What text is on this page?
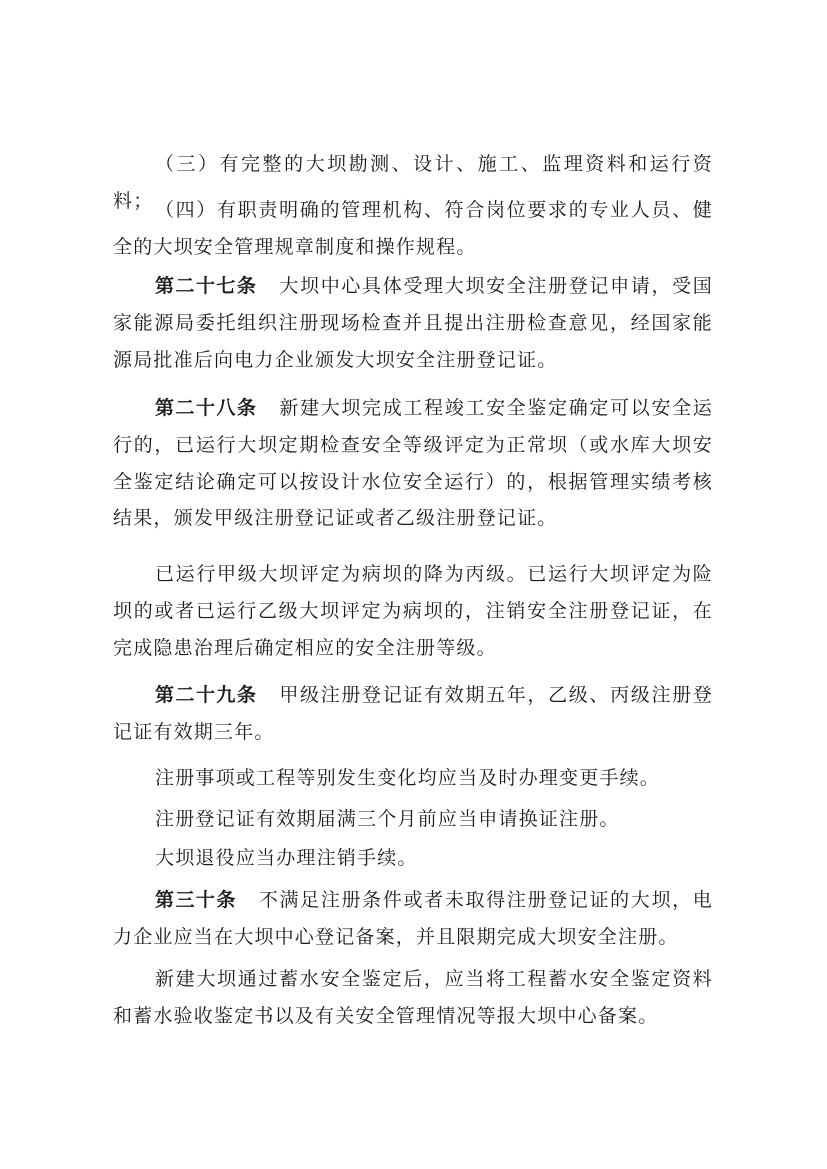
（三）有完整的大坝勘测、设计、施工、监理资料和运行资料； （四）有职责明确的管理机构、符合岗位要求的专业人员、健全的大坝安全管理规章制度和操作规程。

第二十七条 大坝中心具体受理大坝安全注册登记申请，受国家能源局委托组织注册现场检查并且提出注册检查意见，经国家能源局批准后向电力企业颁发大坝安全注册登记证。

第二十八条 新建大坝完成工程竣工安全鉴定确定可以安全运行的，已运行大坝定期检查安全等级评定为正常坝（或水库大坝安全鉴定结论确定可以按设计水位安全运行）的，根据管理实绩考核结果，颁发甲级注册登记证或者乙级注册登记证。

已运行甲级大坝评定为病坝的降为丙级。已运行大坝评定为险坝的或者已运行乙级大坝评定为病坝的，注销安全注册登记证，在完成隐患治理后确定相应的安全注册等级。

第二十九条 甲级注册登记证有效期五年，乙级、丙级注册登记证有效期三年。

注册事项或工程等别发生变化均应当及时办理变更手续。

注册登记证有效期届满三个月前应当申请换证注册。

大坝退役应当办理注销手续。

第三十条 不满足注册条件或者未取得注册登记证的大坝，电力企业应当在大坝中心登记备案，并且限期完成大坝安全注册。

新建大坝通过蓄水安全鉴定后，应当将工程蓄水安全鉴定资料和蓄水验收鉴定书以及有关安全管理情况等报大坝中心备案。
